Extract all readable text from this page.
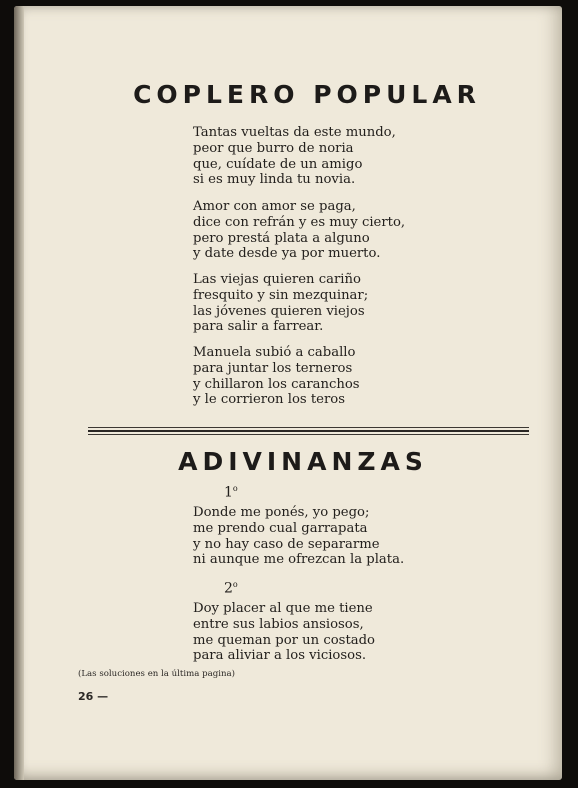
COPLERO POPULAR
Tantas vueltas da este mundo,
peor que burro de noria
que, cuídate de un amigo
si es muy linda tu novia.
Amor con amor se paga,
dice con refrán y es muy cierto,
pero prestá plata a alguno
y date desde ya por muerto.
Las viejas quieren cariño
fresquito y sin mezquinar;
las jóvenes quieren viejos
para salir a farrear.
Manuela subió a caballo
para juntar los terneros
y chillaron los caranchos
y le corrieron los teros
ADIVINANZAS
1$^o$
Donde me ponés, yo pego;
me prendo cual garrapata
y no hay caso de separarme
ni aunque me ofrezcan la plata.
2$^o$
Doy placer al que me tiene
entre sus labios ansiosos,
me queman por un costado
para aliviar a los viciosos.
(Las soluciones en la última pagina)
26 —
